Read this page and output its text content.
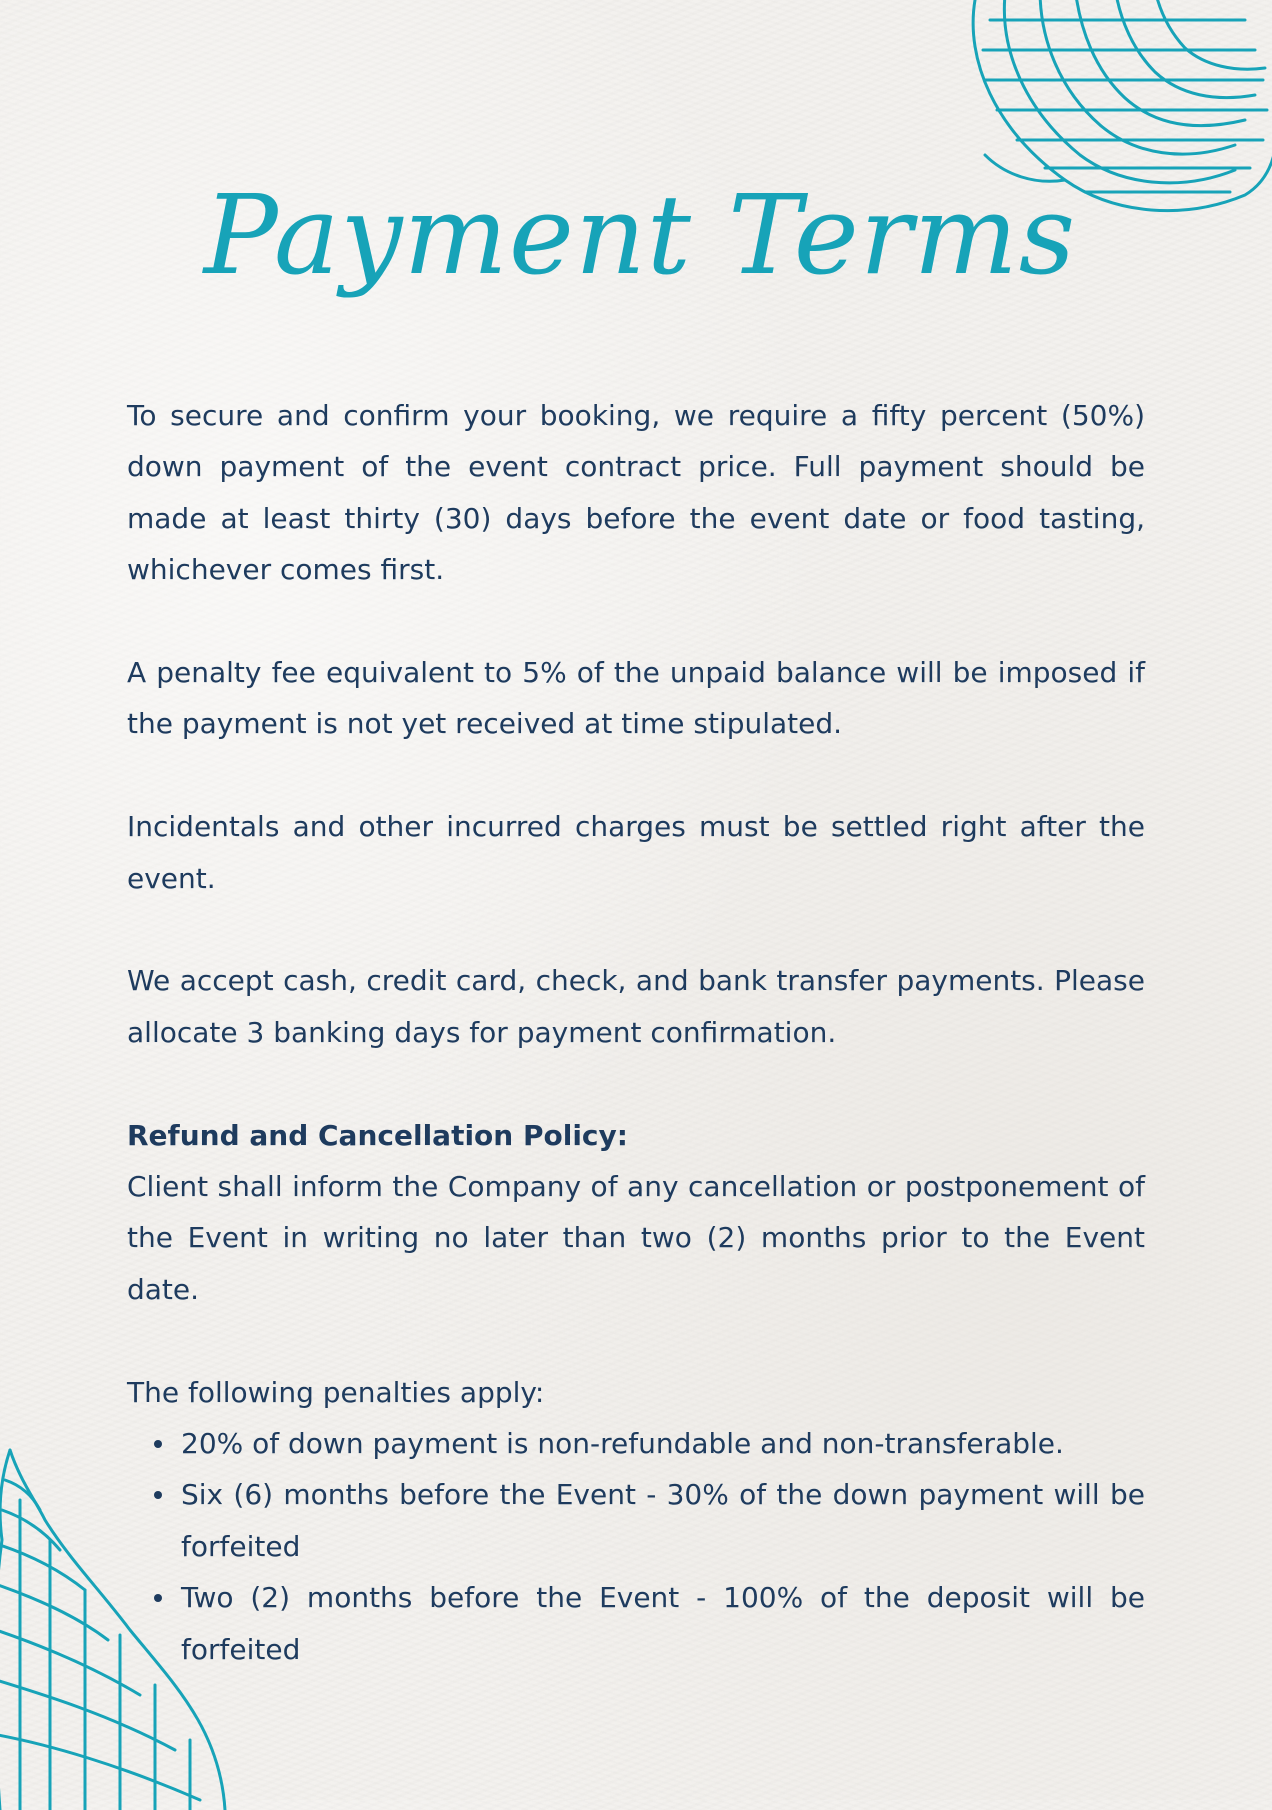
Payment Terms

To secure and confirm your booking, we require a fifty percent (50%) down payment of the event contract price. Full payment should be made at least thirty (30) days before the event date or food tasting, whichever comes first.

A penalty fee equivalent to 5% of the unpaid balance will be imposed if the payment is not yet received at time stipulated.

Incidentals and other incurred charges must be settled right after the event.

We accept cash, credit card, check, and bank transfer payments. Please allocate 3 banking days for payment confirmation.

Refund and Cancellation Policy:
Client shall inform the Company of any cancellation or postponement of the Event in writing no later than two (2) months prior to the Event date.

The following penalties apply:

20% of down payment is non-refundable and non-transferable.
Six (6) months before the Event - 30% of the down payment will be forfeited
Two (2) months before the Event - 100% of the deposit will be forfeited
